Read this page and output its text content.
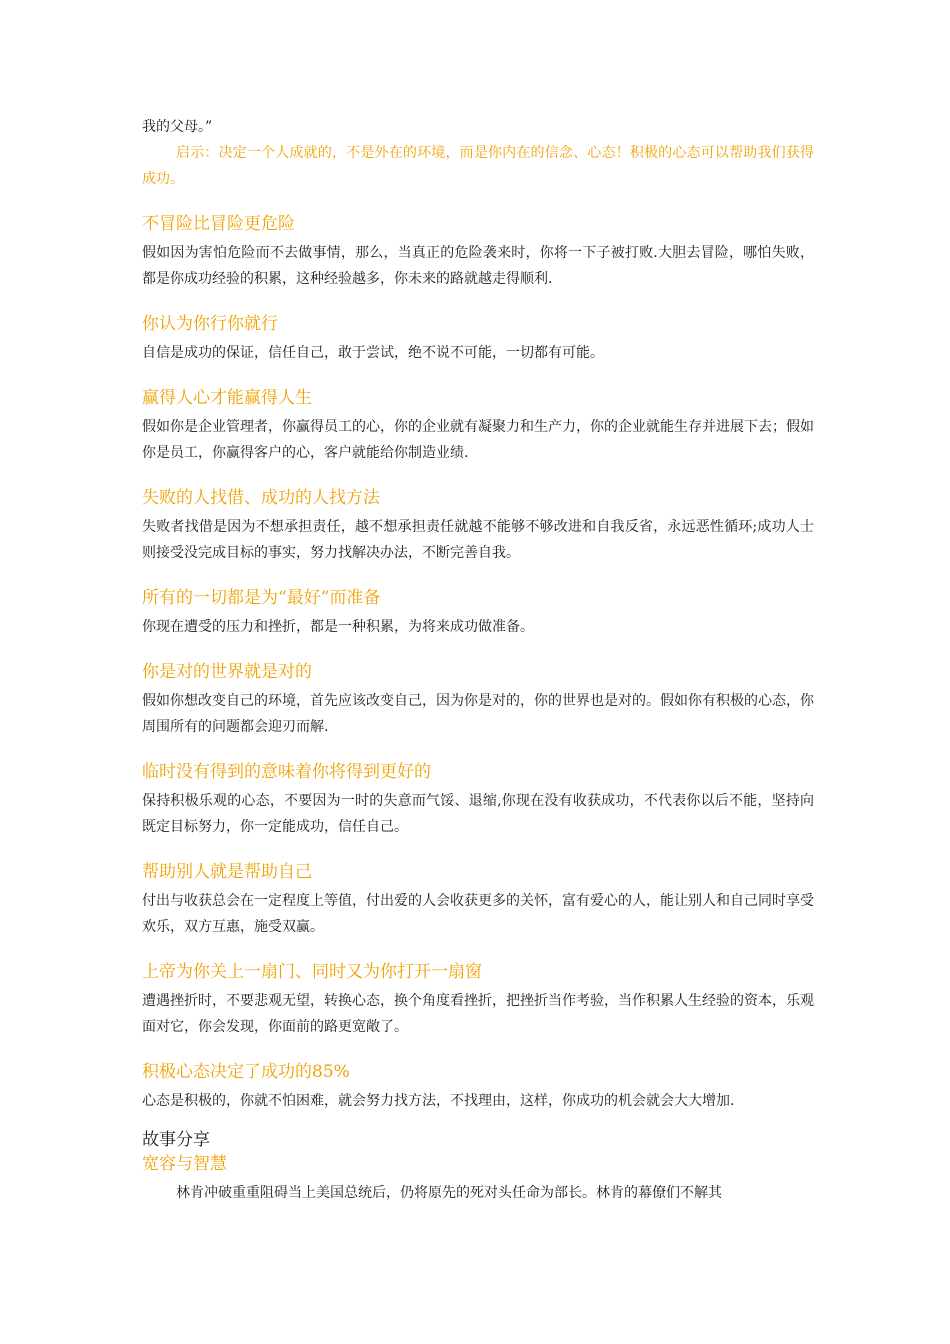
我的父母。”

启示：决定一个人成就的，不是外在的环境，而是你内在的信念、心态！积极的心态可以帮助我们获得成功。

不冒险比冒险更危险

假如因为害怕危险而不去做事情，那么，当真正的危险袭来时，你将一下子被打败.大胆去冒险，哪怕失败，都是你成功经验的积累，这种经验越多，你未来的路就越走得顺利.

你认为你行你就行

自信是成功的保证，信任自己，敢于尝试，绝不说不可能，一切都有可能。

赢得人心才能赢得人生

假如你是企业管理者，你赢得员工的心，你的企业就有凝聚力和生产力，你的企业就能生存并进展下去；假如你是员工，你赢得客户的心，客户就能给你制造业绩.

失败的人找借、成功的人找方法

失败者找借是因为不想承担责任，越不想承担责任就越不能够不够改进和自我反省，永远恶性循环;成功人士则接受没完成目标的事实，努力找解决办法，不断完善自我。

所有的一切都是为“最好”而准备

你现在遭受的压力和挫折，都是一种积累，为将来成功做准备。

你是对的世界就是对的

假如你想改变自己的环境，首先应该改变自己，因为你是对的，你的世界也是对的。假如你有积极的心态，你周围所有的问题都会迎刃而解.

临时没有得到的意味着你将得到更好的

保持积极乐观的心态，不要因为一时的失意而气馁、退缩,你现在没有收获成功，不代表你以后不能，坚持向既定目标努力，你一定能成功，信任自己。

帮助别人就是帮助自己

付出与收获总会在一定程度上等值，付出爱的人会收获更多的关怀，富有爱心的人，能让别人和自己同时享受欢乐，双方互惠，施受双赢。

上帝为你关上一扇门、同时又为你打开一扇窗

遭遇挫折时，不要悲观无望，转换心态，换个角度看挫折，把挫折当作考验，当作积累人生经验的资本，乐观面对它，你会发现，你面前的路更宽敞了。

积极心态决定了成功的85%

心态是积极的，你就不怕困难，就会努力找方法，不找理由，这样，你成功的机会就会大大增加.

故事分享

宽容与智慧

林肯冲破重重阻碍当上美国总统后，仍将原先的死对头任命为部长。林肯的幕僚们不解其
